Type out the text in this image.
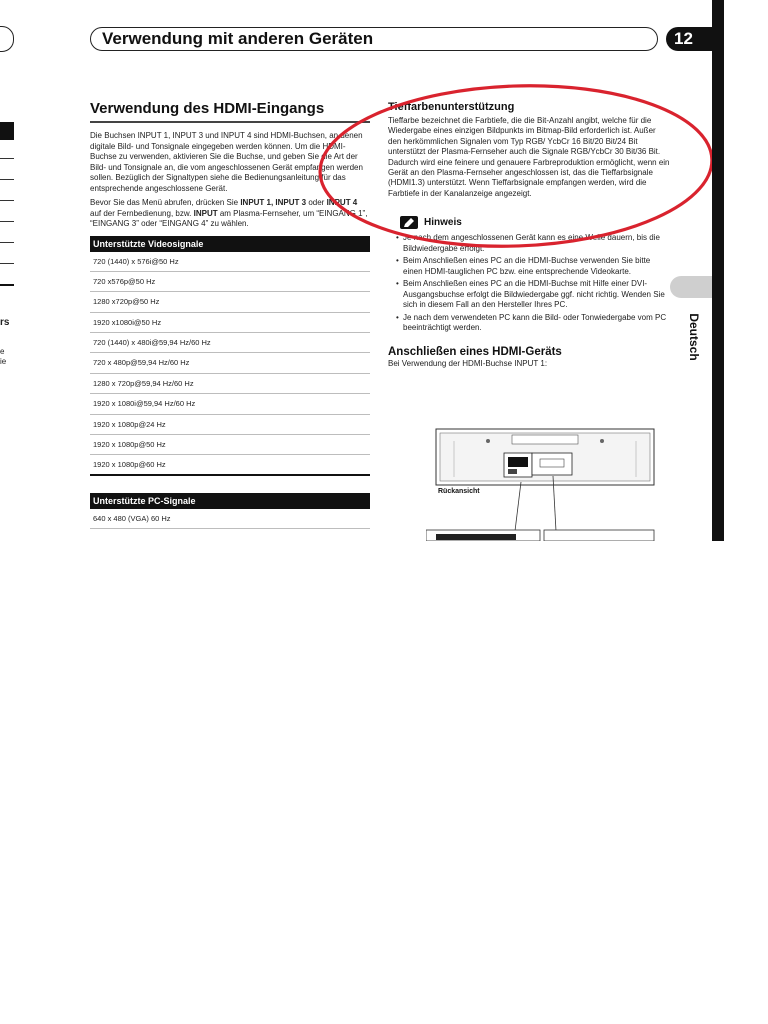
rs
e
ie
Verwendung mit anderen Geräten	12
Deutsch
Verwendung des HDMI-Eingangs

Die Buchsen INPUT 1, INPUT 3 und INPUT 4 sind HDMI-Buchsen, an denen digitale Bild- und Tonsignale eingegeben werden können. Um die HDMI-Buchse zu verwenden, aktivieren Sie die Buchse, und geben Sie die Art der Bild- und Tonsignale an, die vom angeschlossenen Gerät empfangen werden sollen. Bezüglich der Signaltypen siehe die Bedienungsanleitung für das entsprechende angeschlossene Gerät.

Bevor Sie das Menü abrufen, drücken Sie INPUT 1, INPUT 3 oder INPUT 4 auf der Fernbedienung, bzw. INPUT am Plasma-Fernseher, um “EINGANG 1”, “EINGANG 3” oder “EINGANG 4” zu wählen.

Unterstützte Videosignale
720 (1440) x 576i@50 Hz
720 x576p@50 Hz
1280 x720p@50 Hz
1920 x1080i@50 Hz
720 (1440) x 480i@59,94 Hz/60 Hz
720 x 480p@59,94 Hz/60 Hz
1280 x 720p@59,94 Hz/60 Hz
1920 x 1080i@59,94 Hz/60 Hz
1920 x 1080p@24 Hz
1920 x 1080p@50 Hz
1920 x 1080p@60 Hz
Unterstützte PC-Signale
640 x 480 (VGA) 60 Hz
Tieffarbenunterstützung

Tieffarbe bezeichnet die Farbtiefe, die die Bit-Anzahl angibt, welche für die Wiedergabe eines einzigen Bildpunkts im Bitmap-Bild erforderlich ist. Außer den herkömmlichen Signalen vom Typ RGB/ YcbCr 16 Bit/20 Bit/24 Bit unterstützt der Plasma-Fernseher auch die Signale RGB/YcbCr 30 Bit/36 Bit. Dadurch wird eine feinere und genauere Farbreproduktion ermöglicht, wenn ein Gerät an den Plasma-Fernseher angeschlossen ist, das die Tieffarbsignale (HDMI1.3) unterstützt. Wenn Tieffarbsignale empfangen werden, wird die Farbtiefe in der Kanalanzeige angezeigt.

Hinweis

• Je nach dem angeschlossenen Gerät kann es eine Weile dauern, bis die Bildwiedergabe erfolgt.

• Beim Anschließen eines PC an die HDMI-Buchse verwenden Sie bitte einen HDMI-tauglichen PC bzw. eine entsprechende Videokarte.

• Beim Anschließen eines PC an die HDMI-Buchse mit Hilfe einer DVI-Ausgangsbuchse erfolgt die Bildwiedergabe ggf. nicht richtig. Wenden Sie sich in diesem Fall an den Hersteller Ihres PC.

• Je nach dem verwendeten PC kann die Bild- oder Tonwiedergabe vom PC beeinträchtigt werden.

Anschließen eines HDMI-Geräts

Bei Verwendung der HDMI-Buchse INPUT 1:

Rückansicht
